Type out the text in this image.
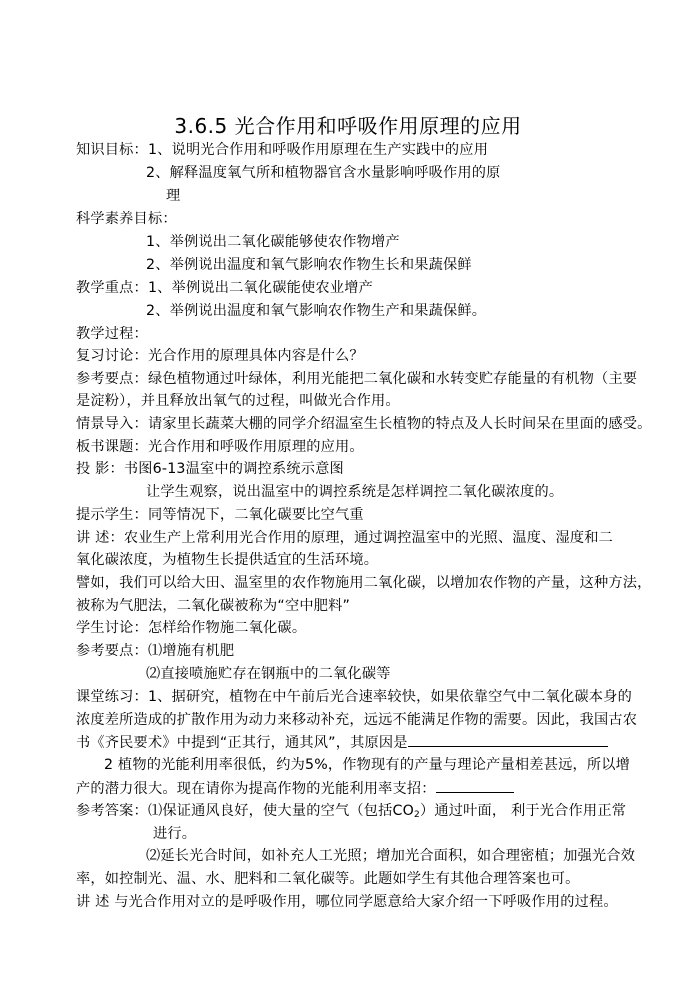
3.6.5 光合作用和呼吸作用原理的应用
知识目标：1、说明光合作用和呼吸作用原理在生产实践中的应用
2、解释温度氧气所和植物器官含水量影响呼吸作用的原
理
科学素养目标：
1、举例说出二氧化碳能够使农作物增产
2、举例说出温度和氧气影响农作物生长和果蔬保鲜
教学重点：1、举例说出二氧化碳能使农业增产
2、举例说出温度和氧气影响农作物生产和果蔬保鲜。
教学过程：
复习讨论：光合作用的原理具体内容是什么？
参考要点：绿色植物通过叶绿体，利用光能把二氧化碳和水转变贮存能量的有机物（主要
是淀粉），并且释放出氧气的过程，叫做光合作用。
情景导入：请家里长蔬菜大棚的同学介绍温室生长植物的特点及人长时间呆在里面的感受。
板书课题：光合作用和呼吸作用原理的应用。
投 影：书图6-13温室中的调控系统示意图
让学生观察，说出温室中的调控系统是怎样调控二氧化碳浓度的。
提示学生：同等情况下，二氧化碳要比空气重
讲 述：农业生产上常利用光合作用的原理，通过调控温室中的光照、温度、湿度和二
氧化碳浓度，为植物生长提供适宜的生活环境。
譬如，我们可以给大田、温室里的农作物施用二氧化碳，以增加农作物的产量，这种方法，
被称为气肥法，二氧化碳被称为“空中肥料”
学生讨论：怎样给作物施二氧化碳。
参考要点：⑴增施有机肥
⑵直接喷施贮存在钢瓶中的二氧化碳等
课堂练习：1、据研究，植物在中午前后光合速率较快，如果依靠空气中二氧化碳本身的
浓度差所造成的扩散作用为动力来移动补充，远远不能满足作物的需要。因此，我国古农
书《齐民要术》中提到“正其行，通其风”，其原因是
2 植物的光能利用率很低，约为5%，作物现有的产量与理论产量相差甚远，所以增
产的潜力很大。现在请你为提高作物的光能利用率支招：
参考答案：⑴保证通风良好，使大量的空气（包括$CO_2$）通过叶面， 利于光合作用正常
进行。
⑵延长光合时间，如补充人工光照；增加光合面积，如合理密植；加强光合效
率，如控制光、温、水、肥料和二氧化碳等。此题如学生有其他合理答案也可。
讲 述 与光合作用对立的是呼吸作用，哪位同学愿意给大家介绍一下呼吸作用的过程。
